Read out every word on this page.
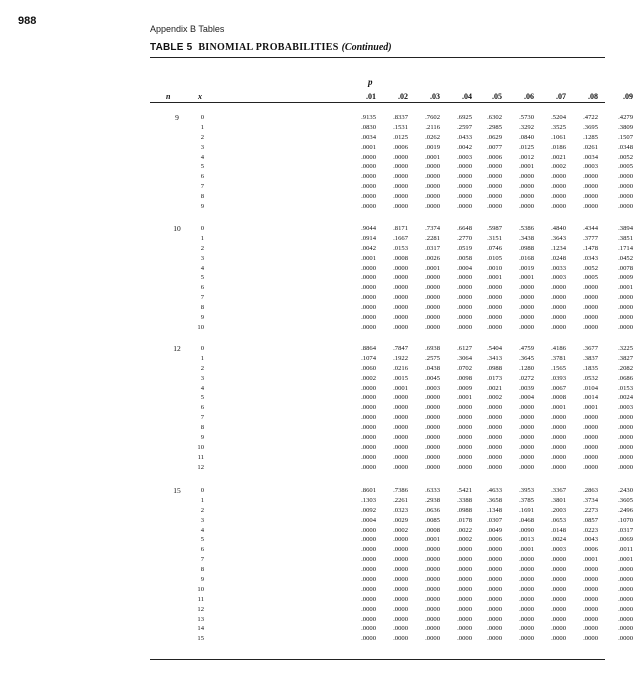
988
Appendix B Tables
TABLE 5 BINOMIAL PROBABILITIES (Continued)
p
n	x	.01	.02	.03	.04	.05	.06	.07	.08	.09
9	0	.9135	.8337	.7602	.6925	.6302	.5730	.5204	.4722	.4279
1	.0830	.1531	.2116	.2597	.2985	.3292	.3525	.3695	.3809
2	.0034	.0125	.0262	.0433	.0629	.0840	.1061	.1285	.1507
3	.0001	.0006	.0019	.0042	.0077	.0125	.0186	.0261	.0348
4	.0000	.0000	.0001	.0003	.0006	.0012	.0021	.0034	.0052
5	.0000	.0000	.0000	.0000	.0000	.0001	.0002	.0003	.0005
6	.0000	.0000	.0000	.0000	.0000	.0000	.0000	.0000	.0000
7	.0000	.0000	.0000	.0000	.0000	.0000	.0000	.0000	.0000
8	.0000	.0000	.0000	.0000	.0000	.0000	.0000	.0000	.0000
9	.0000	.0000	.0000	.0000	.0000	.0000	.0000	.0000	.0000
10	0	.9044	.8171	.7374	.6648	.5987	.5386	.4840	.4344	.3894
1	.0914	.1667	.2281	.2770	.3151	.3438	.3643	.3777	.3851
2	.0042	.0153	.0317	.0519	.0746	.0988	.1234	.1478	.1714
3	.0001	.0008	.0026	.0058	.0105	.0168	.0248	.0343	.0452
4	.0000	.0000	.0001	.0004	.0010	.0019	.0033	.0052	.0078
5	.0000	.0000	.0000	.0000	.0001	.0001	.0003	.0005	.0009
6	.0000	.0000	.0000	.0000	.0000	.0000	.0000	.0000	.0001
7	.0000	.0000	.0000	.0000	.0000	.0000	.0000	.0000	.0000
8	.0000	.0000	.0000	.0000	.0000	.0000	.0000	.0000	.0000
9	.0000	.0000	.0000	.0000	.0000	.0000	.0000	.0000	.0000
10	.0000	.0000	.0000	.0000	.0000	.0000	.0000	.0000	.0000
12	0	.8864	.7847	.6938	.6127	.5404	.4759	.4186	.3677	.3225
1	.1074	.1922	.2575	.3064	.3413	.3645	.3781	.3837	.3827
2	.0060	.0216	.0438	.0702	.0988	.1280	.1565	.1835	.2082
3	.0002	.0015	.0045	.0098	.0173	.0272	.0393	.0532	.0686
4	.0000	.0001	.0003	.0009	.0021	.0039	.0067	.0104	.0153
5	.0000	.0000	.0000	.0001	.0002	.0004	.0008	.0014	.0024
6	.0000	.0000	.0000	.0000	.0000	.0000	.0001	.0001	.0003
7	.0000	.0000	.0000	.0000	.0000	.0000	.0000	.0000	.0000
8	.0000	.0000	.0000	.0000	.0000	.0000	.0000	.0000	.0000
9	.0000	.0000	.0000	.0000	.0000	.0000	.0000	.0000	.0000
10	.0000	.0000	.0000	.0000	.0000	.0000	.0000	.0000	.0000
11	.0000	.0000	.0000	.0000	.0000	.0000	.0000	.0000	.0000
12	.0000	.0000	.0000	.0000	.0000	.0000	.0000	.0000	.0000
15	0	.8601	.7386	.6333	.5421	.4633	.3953	.3367	.2863	.2430
1	.1303	.2261	.2938	.3388	.3658	.3785	.3801	.3734	.3605
2	.0092	.0323	.0636	.0988	.1348	.1691	.2003	.2273	.2496
3	.0004	.0029	.0085	.0178	.0307	.0468	.0653	.0857	.1070
4	.0000	.0002	.0008	.0022	.0049	.0090	.0148	.0223	.0317
5	.0000	.0000	.0001	.0002	.0006	.0013	.0024	.0043	.0069
6	.0000	.0000	.0000	.0000	.0000	.0001	.0003	.0006	.0011
7	.0000	.0000	.0000	.0000	.0000	.0000	.0000	.0001	.0001
8	.0000	.0000	.0000	.0000	.0000	.0000	.0000	.0000	.0000
9	.0000	.0000	.0000	.0000	.0000	.0000	.0000	.0000	.0000
10	.0000	.0000	.0000	.0000	.0000	.0000	.0000	.0000	.0000
11	.0000	.0000	.0000	.0000	.0000	.0000	.0000	.0000	.0000
12	.0000	.0000	.0000	.0000	.0000	.0000	.0000	.0000	.0000
13	.0000	.0000	.0000	.0000	.0000	.0000	.0000	.0000	.0000
14	.0000	.0000	.0000	.0000	.0000	.0000	.0000	.0000	.0000
15	.0000	.0000	.0000	.0000	.0000	.0000	.0000	.0000	.0000
